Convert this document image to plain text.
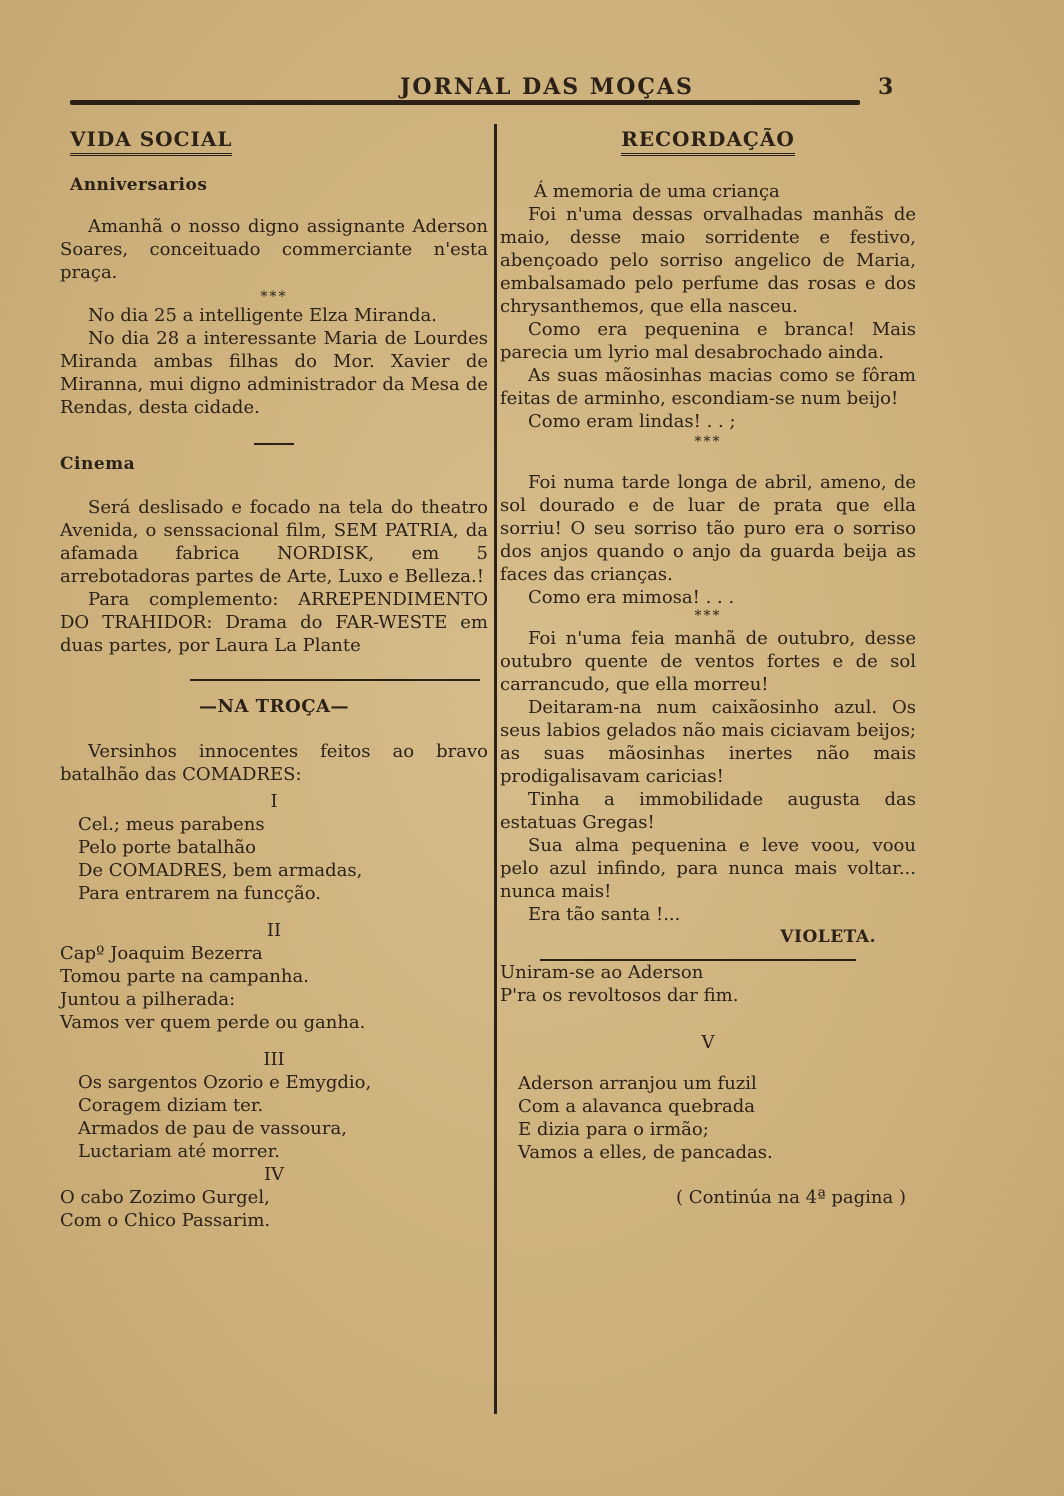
JORNAL DAS MOÇAS	3
VIDA SOCIAL

Anniversarios

Amanhã o nosso digno assignante Aderson Soares, conceituado commerciante n'esta praça.

***

No dia 25 a intelligente Elza Miranda.

No dia 28 a interessante Maria de Lourdes Miranda ambas filhas do Mor. Xavier de Miranna, mui digno administrador da Mesa de Rendas, desta cidade.

Cinema

Será deslisado e focado na tela do theatro Avenida, o senssacional film, SEM PATRIA, da afamada fabrica NORDISK, em 5 arrebotadoras partes de Arte, Luxo e Belleza.!

Para complemento: ARREPENDIMENTO DO TRAHIDOR: Drama do FAR-WESTE em duas partes, por Laura La Plante

—NA TROÇA—

Versinhos innocentes feitos ao bravo batalhão das COMADRES:

I

Cel.; meus parabens

Pelo porte batalhão

De COMADRES, bem armadas,

Para entrarem na funcção.

II

Capº Joaquim Bezerra

Tomou parte na campanha.

Juntou a pilherada:

Vamos ver quem perde ou ganha.

III

Os sargentos Ozorio e Emygdio,

Coragem diziam ter.

Armados de pau de vassoura,

Luctariam até morrer.

IV

O cabo Zozimo Gurgel,

Com o Chico Passarim.

RECORDAÇÃO

Á memoria de uma criança

Foi n'uma dessas orvalhadas manhãs de maio, desse maio sorridente e festivo, abençoado pelo sorriso angelico de Maria, embalsamado pelo perfume das rosas e dos chrysanthemos, que ella nasceu.

Como era pequenina e branca! Mais parecia um lyrio mal desabrochado ainda.

As suas mãosinhas macias como se fôram feitas de arminho, escondiam-se num beijo!

Como eram lindas! . . ;

***

Foi numa tarde longa de abril, ameno, de sol dourado e de luar de prata que ella sorriu! O seu sorriso tão puro era o sorriso dos anjos quando o anjo da guarda beija as faces das crianças.

Como era mimosa! . . .

***

Foi n'uma feia manhã de outubro, desse outubro quente de ventos fortes e de sol carrancudo, que ella morreu!

Deitaram-na num caixãosinho azul. Os seus labios gelados não mais ciciavam beijos; as suas mãosinhas inertes não mais prodigalisavam caricias!

Tinha a immobilidade augusta das estatuas Gregas!

Sua alma pequenina e leve voou, voou pelo azul infindo, para nunca mais voltar... nunca mais!

Era tão santa !...

VIOLETA.

Uniram-se ao Aderson

P'ra os revoltosos dar fim.

V

Aderson arranjou um fuzil

Com a alavanca quebrada

E dizia para o irmão;

Vamos a elles, de pancadas.

( Continúa na 4ª pagina )
